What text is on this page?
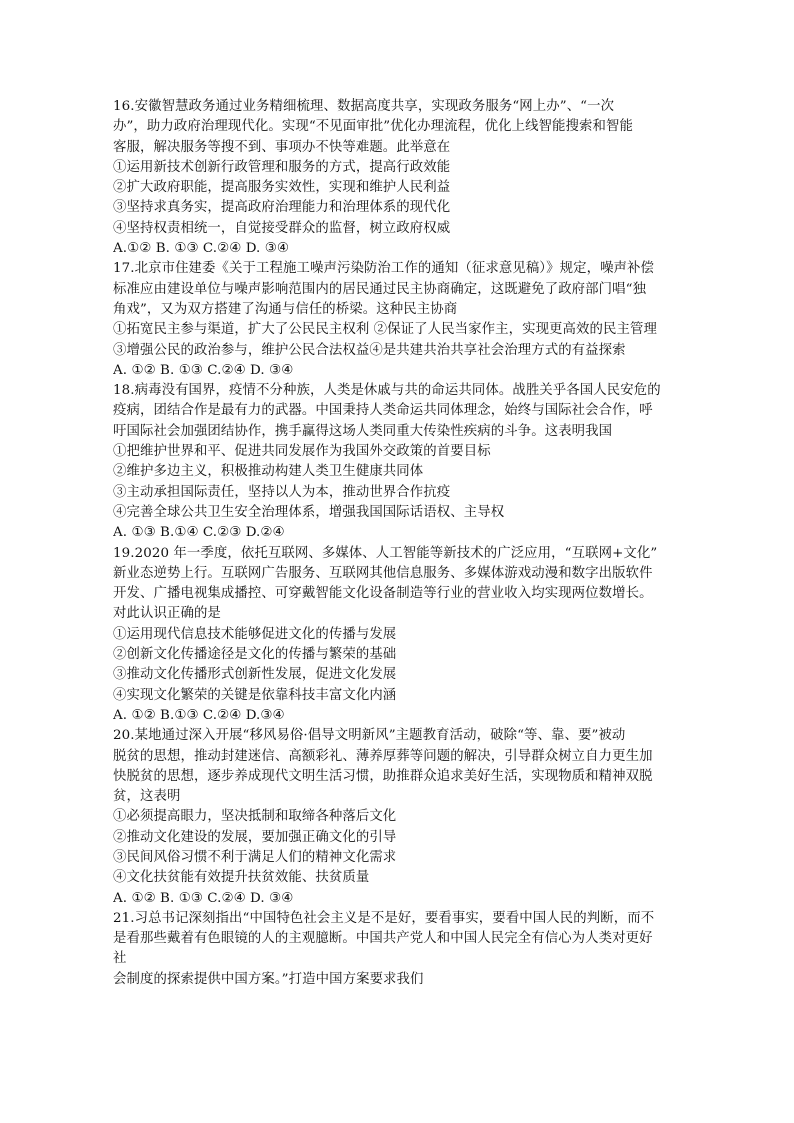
16.安徽智慧政务通过业务精细梳理、数据高度共享，实现政务服务“网上办”、“一次
办”，助力政府治理现代化。实现“不见面审批”优化办理流程，优化上线智能搜索和智能
客服，解决服务等搜不到、事项办不快等难题。此举意在
①运用新技术创新行政管理和服务的方式，提高行政效能
②扩大政府职能，提高服务实效性，实现和维护人民利益
③坚持求真务实，提高政府治理能力和治理体系的现代化
④坚持权责相统一，自觉接受群众的监督，树立政府权威
A.①② B. ①③ C.②④ D. ③④
17.北京市住建委《关于工程施工噪声污染防治工作的通知（征求意见稿）》规定，噪声补偿
标准应由建设单位与噪声影响范围内的居民通过民主协商确定，这既避免了政府部门唱“独
角戏”，又为双方搭建了沟通与信任的桥梁。这种民主协商
①拓宽民主参与渠道，扩大了公民民主权利 ②保证了人民当家作主，实现更高效的民主管理
③增强公民的政治参与，维护公民合法权益④是共建共治共享社会治理方式的有益探索
A. ①② B. ①③ C.②④ D. ③④
18.病毒没有国界，疫情不分种族，人类是休戚与共的命运共同体。战胜关乎各国人民安危的
疫病，团结合作是最有力的武器。中国秉持人类命运共同体理念，始终与国际社会合作，呼
吁国际社会加强团结协作，携手赢得这场人类同重大传染性疾病的斗争。这表明我国
①把维护世界和平、促进共同发展作为我国外交政策的首要目标
②维护多边主义，积极推动构建人类卫生健康共同体
③主动承担国际责任，坚持以人为本，推动世界合作抗疫
④完善全球公共卫生安全治理体系，增强我国国际话语权、主导权
A. ①③ B.①④ C.②③ D.②④
19.2020 年一季度，依托互联网、多媒体、人工智能等新技术的广泛应用，“互联网+文化”
新业态逆势上行。互联网广告服务、互联网其他信息服务、多媒体游戏动漫和数字出版软件
开发、广播电视集成播控、可穿戴智能文化设备制造等行业的营业收入均实现两位数增长。
对此认识正确的是
①运用现代信息技术能够促进文化的传播与发展
②创新文化传播途径是文化的传播与繁荣的基础
③推动文化传播形式创新性发展，促进文化发展
④实现文化繁荣的关键是依靠科技丰富文化内涵
A. ①② B.①③ C.②④ D.③④
20.某地通过深入开展“移风易俗·倡导文明新风”主题教育活动，破除“等、靠、要”被动
脱贫的思想，推动封建迷信、高额彩礼、薄养厚葬等问题的解决，引导群众树立自力更生加
快脱贫的思想，逐步养成现代文明生活习惯，助推群众追求美好生活，实现物质和精神双脱
贫，这表明
①必须提高眼力，坚决抵制和取缔各种落后文化
②推动文化建设的发展，要加强正确文化的引导
③民间风俗习惯不利于满足人们的精神文化需求
④文化扶贫能有效提升扶贫效能、扶贫质量
A. ①② B. ①③ C.②④ D. ③④
21.习总书记深刻指出“中国特色社会主义是不是好，要看事实，要看中国人民的判断，而不
是看那些戴着有色眼镜的人的主观臆断。中国共产党人和中国人民完全有信心为人类对更好
社
会制度的探索提供中国方案。”打造中国方案要求我们
